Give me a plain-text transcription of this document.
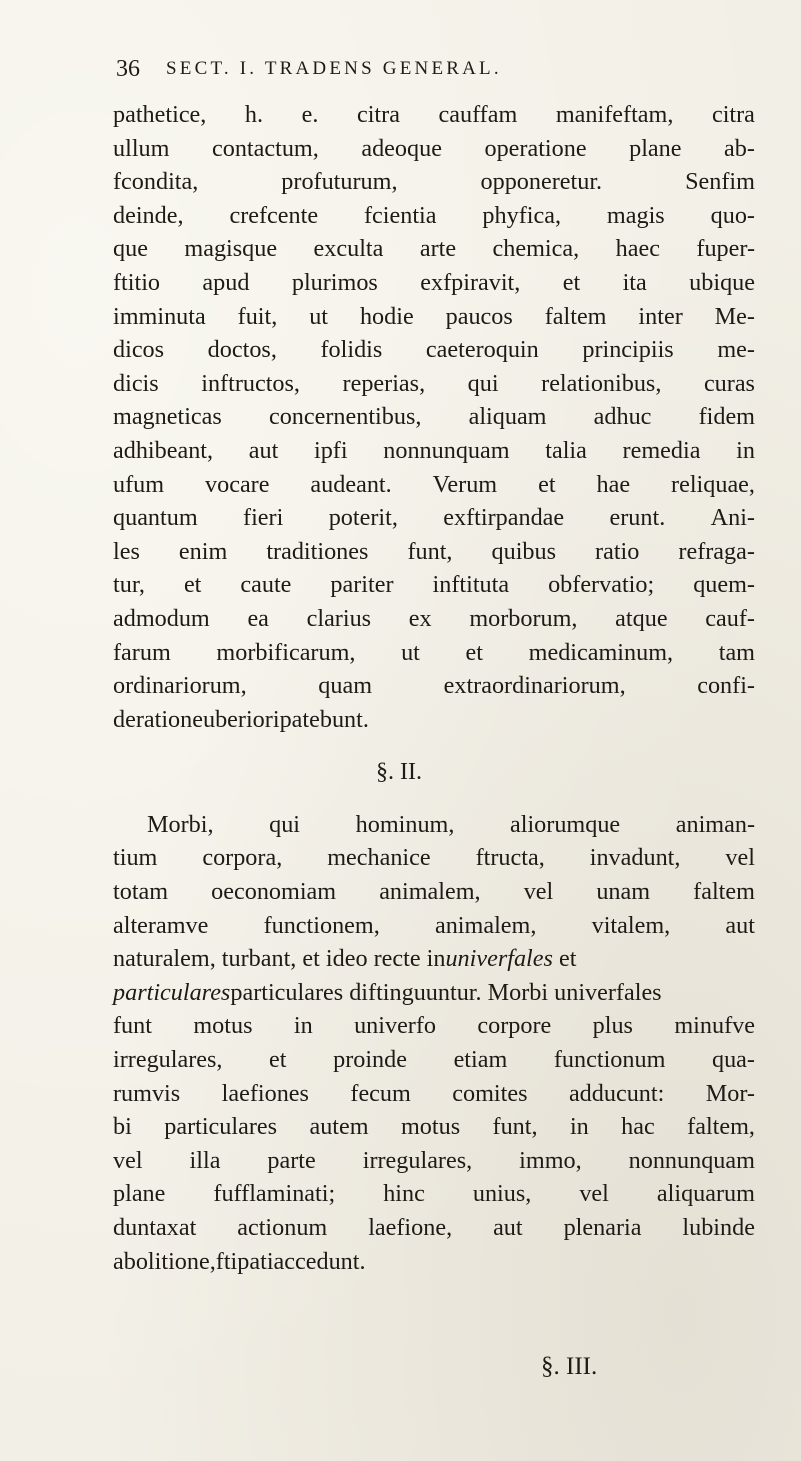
36 SECT. I. TRADENS GENERAL.
pathetice, h. e. citra cauffam manifeftam, citra
ullum contactum, adeoque operatione plane ab-
fcondita,	profuturum,	opponeretur.	Senfim
deinde, crefcente fcientia phyfica, magis quo-
que magisque exculta arte chemica, haec fuper-
ftitio apud plurimos exfpiravit, et ita ubique
imminuta fuit, ut hodie paucos faltem inter Me-
dicos doctos, folidis caeteroquin principiis me-
dicis inftructos, reperias, qui relationibus, curas
magneticas concernentibus, aliquam adhuc fidem
adhibeant, aut ipfi nonnunquam talia remedia in
ufum vocare audeant. Verum et hae reliquae,
quantum fieri poterit, exftirpandae erunt. Ani-
les enim traditiones funt, quibus ratio refraga-
tur, et caute pariter inftituta obfervatio; quem-
admodum ea clarius ex morborum, atque cauf-
farum morbificarum, ut et medicaminum, tam
ordinariorum,	quam	extraordinariorum,	confi-
deratione uberiori patebunt.
§. II.
Morbi, qui hominum, aliorumque animan-
tium corpora, mechanice ftructa, invadunt, vel
totam oeconomiam animalem, vel unam faltem
alteramve functionem, animalem, vitalem, aut
naturalem, turbant, et ideo recte in univerfales
et
particulares particulares diftinguuntur. Morbi univerfales
funt motus in univerfo corpore plus minufve
irregulares, et proinde etiam functionum qua-
rumvis laefiones fecum comites adducunt: Mor-
bi particulares autem motus funt, in hac faltem,
vel illa parte irregulares, immo, nonnunquam
plane fufflaminati; hinc unius, vel aliquarum
duntaxat actionum laefione, aut plenaria lubinde
abolitione, ftipati accedunt.
§. III.
